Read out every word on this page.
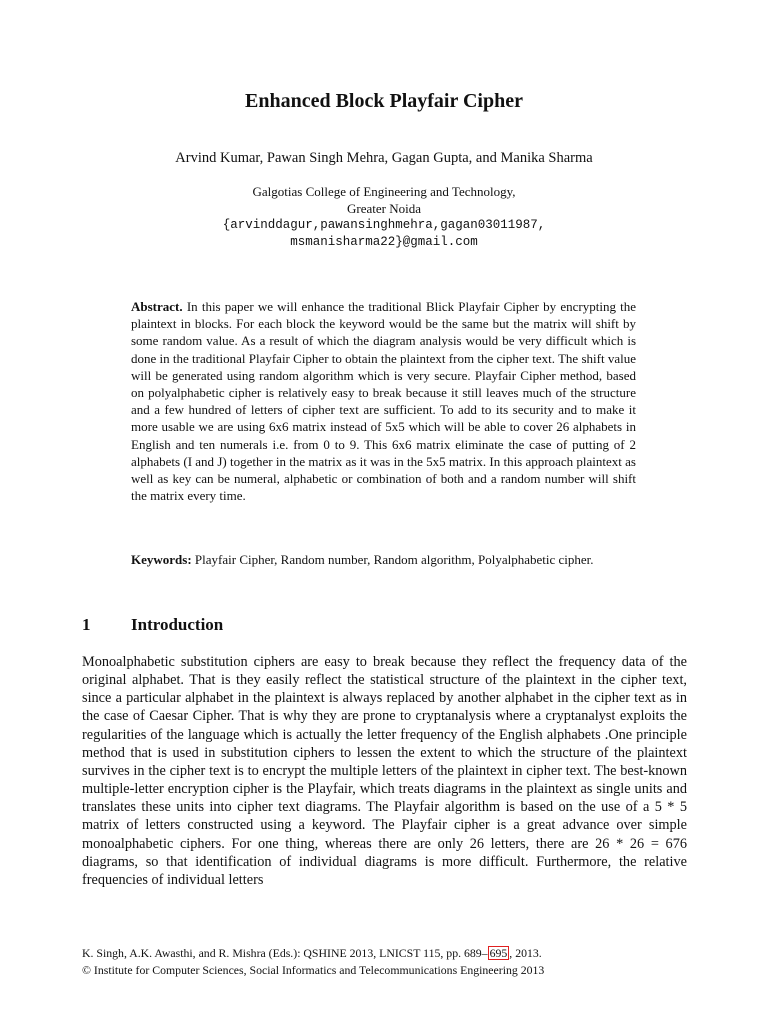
Enhanced Block Playfair Cipher
Arvind Kumar, Pawan Singh Mehra, Gagan Gupta, and Manika Sharma
Galgotias College of Engineering and Technology,
Greater Noida
{arvinddagur,pawansinghmehra,gagan03011987,
msmanisharma22}@gmail.com
Abstract. In this paper we will enhance the traditional Blick Playfair Cipher by encrypting the plaintext in blocks. For each block the keyword would be the same but the matrix will shift by some random value. As a result of which the diagram analysis would be very difficult which is done in the traditional Playfair Cipher to obtain the plaintext from the cipher text. The shift value will be generated using random algorithm which is very secure. Playfair Cipher method, based on polyalphabetic cipher is relatively easy to break because it still leaves much of the structure and a few hundred of letters of cipher text are sufficient. To add to its security and to make it more usable we are using 6x6 matrix instead of 5x5 which will be able to cover 26 alphabets in English and ten numerals i.e. from 0 to 9. This 6x6 matrix eliminate the case of putting of 2 alphabets (I and J) together in the matrix as it was in the 5x5 matrix. In this approach plaintext as well as key can be numeral, alphabetic or combination of both and a random number will shift the matrix every time.
Keywords: Playfair Cipher, Random number, Random algorithm, Polyalphabetic cipher.
1 Introduction
Monoalphabetic substitution ciphers are easy to break because they reflect the frequency data of the original alphabet. That is they easily reflect the statistical structure of the plaintext in the cipher text, since a particular alphabet in the plaintext is always replaced by another alphabet in the cipher text as in the case of Caesar Cipher. That is why they are prone to cryptanalysis where a cryptanalyst exploits the regularities of the language which is actually the letter frequency of the English alphabets .One principle method that is used in substitution ciphers to lessen the extent to which the structure of the plaintext survives in the cipher text is to encrypt the multiple letters of the plaintext in cipher text. The best-known multiple-letter encryption cipher is the Playfair, which treats diagrams in the plaintext as single units and translates these units into cipher text diagrams. The Playfair algorithm is based on the use of a 5 * 5 matrix of letters constructed using a keyword. The Playfair cipher is a great advance over simple monoalphabetic ciphers. For one thing, whereas there are only 26 letters, there are 26 * 26 = 676 diagrams, so that identification of individual diagrams is more difficult. Furthermore, the relative frequencies of individual letters
K. Singh, A.K. Awasthi, and R. Mishra (Eds.): QSHINE 2013, LNICST 115, pp. 689– 695 , 2013.
© Institute for Computer Sciences, Social Informatics and Telecommunications Engineering 2013
